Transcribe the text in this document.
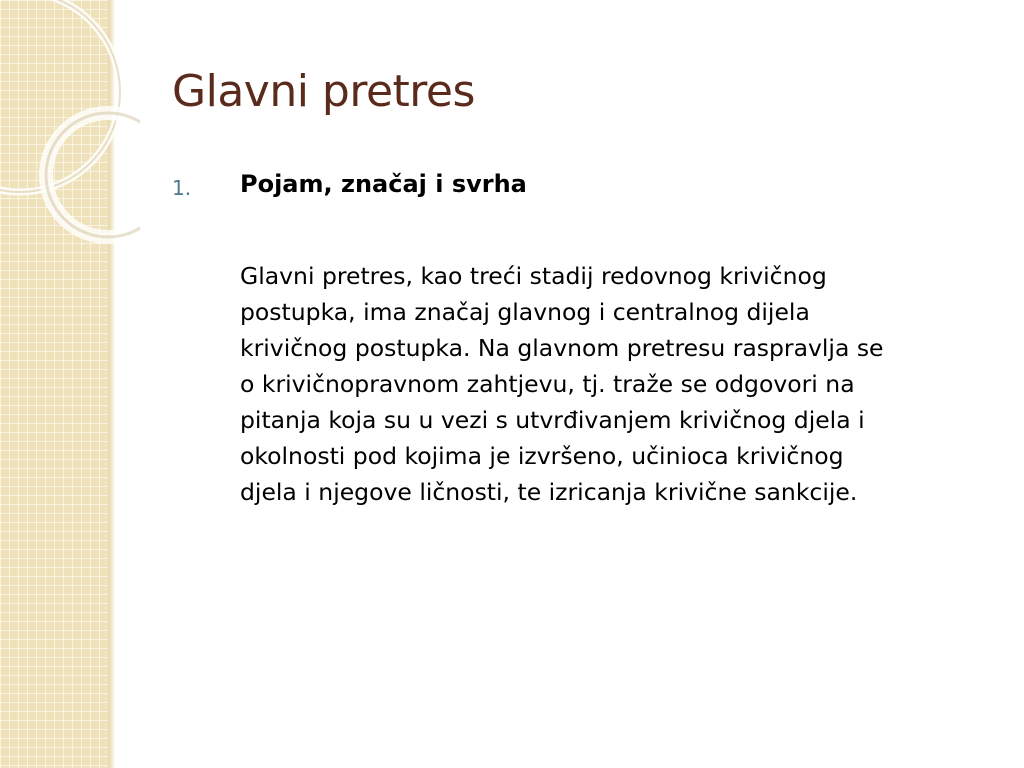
Glavni pretres
1. Pojam, značaj i svrha
Glavni pretres, kao treći stadij redovnog krivičnog
postupka, ima značaj glavnog i centralnog dijela
krivičnog postupka. Na glavnom pretresu raspravlja se
o krivičnopravnom zahtjevu, tj. traže se odgovori na
pitanja koja su u vezi s utvrđivanjem krivičnog djela i
okolnosti pod kojima je izvršeno, učinioca krivičnog
djela i njegove ličnosti, te izricanja krivične sankcije.
